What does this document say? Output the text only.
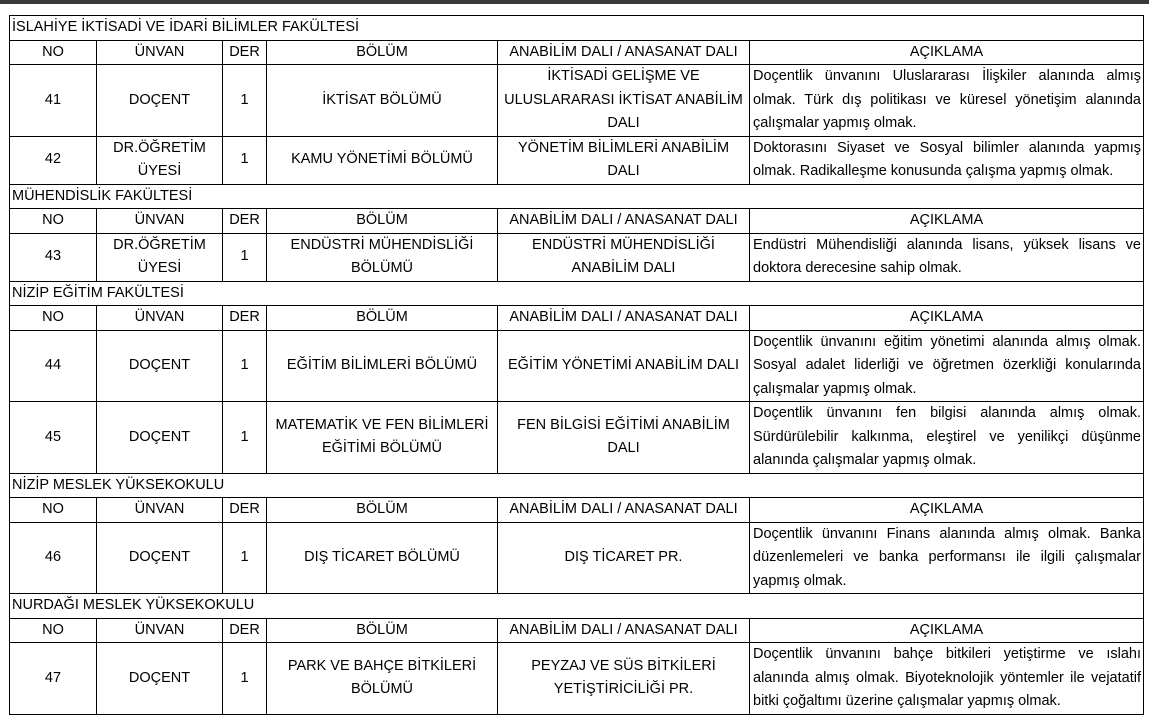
İSLAHİYE İKTİSADİ VE İDARİ BİLİMLER FAKÜLTESİ					
NO	ÜNVAN	DER	BÖLÜM	ANABİLİM DALI / ANASANAT DALI	AÇIKLAMA
41	DOÇENT	1	İKTİSAT BÖLÜMÜ	İKTİSADİ GELİŞME VE ULUSLARARASI İKTİSAT ANABİLİM DALI	Doçentlik ünvanını Uluslararası İlişkiler alanında almış olmak. Türk dış politikası ve küresel yönetişim alanında çalışmalar yapmış olmak.
42	DR.ÖĞRETİM ÜYESİ	1	KAMU YÖNETİMİ BÖLÜMÜ	YÖNETİM BİLİMLERİ ANABİLİM DALI	Doktorasını Siyaset ve Sosyal bilimler alanında yapmış olmak. Radikalleşme konusunda çalışma yapmış olmak.
MÜHENDİSLİK FAKÜLTESİ					
NO	ÜNVAN	DER	BÖLÜM	ANABİLİM DALI / ANASANAT DALI	AÇIKLAMA
43	DR.ÖĞRETİM ÜYESİ	1	ENDÜSTRİ MÜHENDİSLİĞİ BÖLÜMÜ	ENDÜSTRİ MÜHENDİSLİĞİ ANABİLİM DALI	Endüstri Mühendisliği alanında lisans, yüksek lisans ve doktora derecesine sahip olmak.
NİZİP EĞİTİM FAKÜLTESİ					
NO	ÜNVAN	DER	BÖLÜM	ANABİLİM DALI / ANASANAT DALI	AÇIKLAMA
44	DOÇENT	1	EĞİTİM BİLİMLERİ BÖLÜMÜ	EĞİTİM YÖNETİMİ ANABİLİM DALI	Doçentlik ünvanını eğitim yönetimi alanında almış olmak. Sosyal adalet liderliği ve öğretmen özerkliği konularında çalışmalar yapmış olmak.
45	DOÇENT	1	MATEMATİK VE FEN BİLİMLERİ EĞİTİMİ BÖLÜMÜ	FEN BİLGİSİ EĞİTİMİ ANABİLİM DALI	Doçentlik ünvanını fen bilgisi alanında almış olmak. Sürdürülebilir kalkınma, eleştirel ve yenilikçi düşünme alanında çalışmalar yapmış olmak.
NİZİP MESLEK YÜKSEKOKULU					
NO	ÜNVAN	DER	BÖLÜM	ANABİLİM DALI / ANASANAT DALI	AÇIKLAMA
46	DOÇENT	1	DIŞ TİCARET BÖLÜMÜ	DIŞ TİCARET PR.	Doçentlik ünvanını Finans alanında almış olmak. Banka düzenlemeleri ve banka performansı ile ilgili çalışmalar yapmış olmak.
NURDAĞI MESLEK YÜKSEKOKULU					
NO	ÜNVAN	DER	BÖLÜM	ANABİLİM DALI / ANASANAT DALI	AÇIKLAMA
47	DOÇENT	1	PARK VE BAHÇE BİTKİLERİ BÖLÜMÜ	PEYZAJ VE SÜS BİTKİLERİ YETİŞTİRİCİLİĞİ PR.	Doçentlik ünvanını bahçe bitkileri yetiştirme ve ıslahı alanında almış olmak. Biyoteknolojik yöntemler ile vejatatif bitki çoğaltımı üzerine çalışmalar yapmış olmak.
